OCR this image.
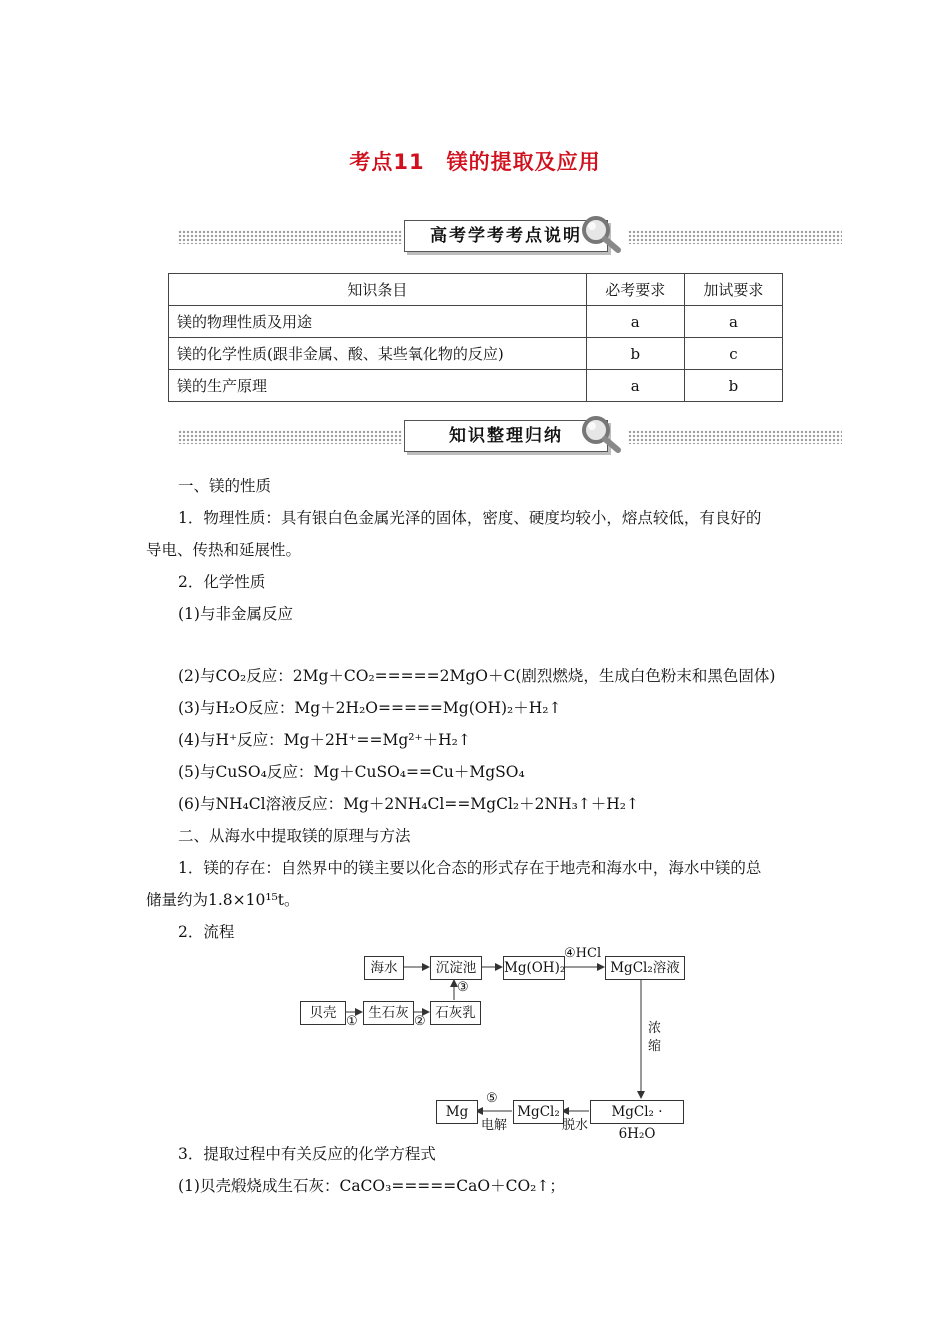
考点11　镁的提取及应用
高考学考考点说明
知识条目	必考要求	加试要求
镁的物理性质及用途	a	a
镁的化学性质(跟非金属、酸、某些氧化物的反应)	b	c
镁的生产原理	a	b
知识整理归纳
一、镁的性质
1．物理性质：具有银白色金属光泽的固体，密度、硬度均较小，熔点较低，有良好的
导电、传热和延展性。
2．化学性质
(1)与非金属反应
(2)与CO₂反应：2Mg＋CO₂=====2MgO＋C(剧烈燃烧，生成白色粉末和黑色固体)
(3)与H₂O反应：Mg＋2H₂O=====Mg(OH)₂＋H₂↑
(4)与H⁺反应：Mg＋2H⁺==Mg²⁺＋H₂↑
(5)与CuSO₄反应：Mg＋CuSO₄==Cu＋MgSO₄
(6)与NH₄Cl溶液反应：Mg＋2NH₄Cl==MgCl₂＋2NH₃↑＋H₂↑
二、从海水中提取镁的原理与方法
1．镁的存在：自然界中的镁主要以化合态的形式存在于地壳和海水中，海水中镁的总
储量约为1.8×10¹⁵t。
2．流程
海水	沉淀池	Mg(OH)₂	MgCl₂溶液
贝壳	生石灰	石灰乳
MgCl₂ · 6H₂O
MgCl₂
Mg
①	②
③
④HCl
浓
缩
脱水
⑤
电解
3．提取过程中有关反应的化学方程式
(1)贝壳煅烧成生石灰：CaCO₃=====CaO＋CO₂↑；
